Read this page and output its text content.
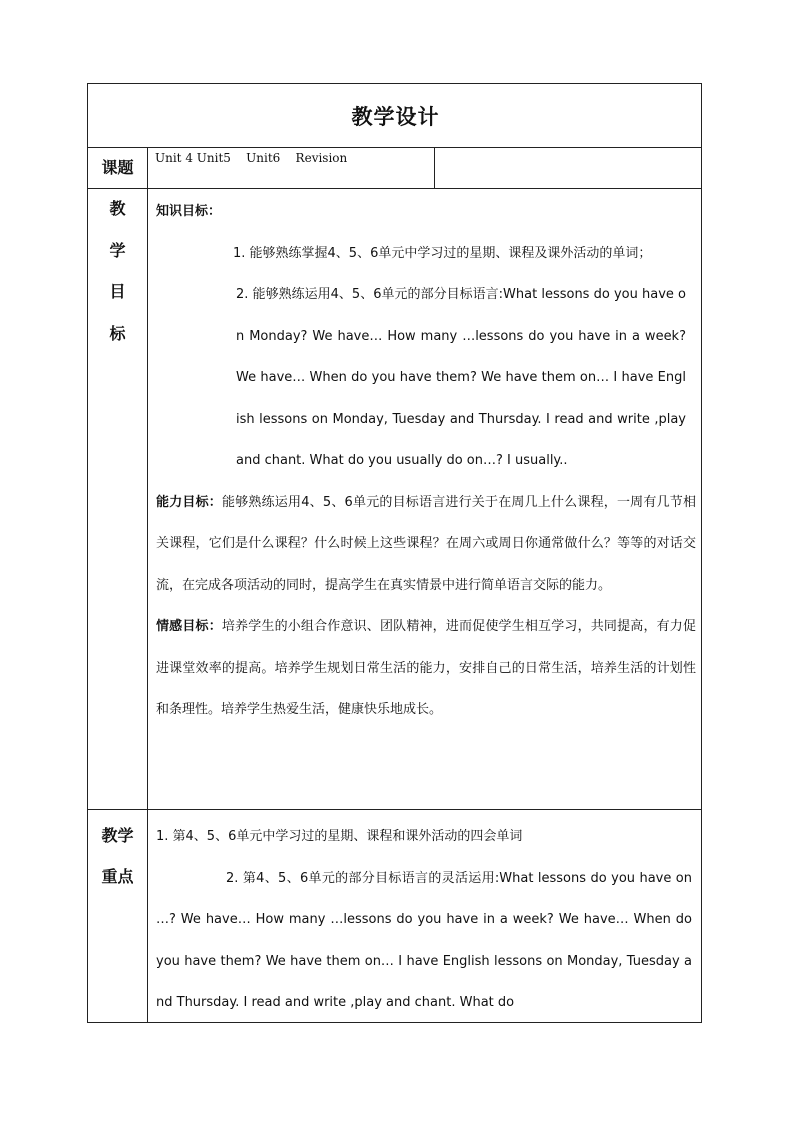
教学设计
课题	Unit 4 Unit5    Unit6    Revision
教
学
目
标

知识目标：

1. 能够熟练掌握4、5、6单元中学习过的星期、课程及课外活动的单词；

2. 能够熟练运用4、5、6单元的部分目标语言:What lessons do you have on Monday? We have… How many …lessons do you have in a week? We have… When do you have them? We have them on… I have English lessons on Monday, Tuesday and Thursday. I read and write ,play and chant. What do you usually do on…? I usually..

能力目标：能够熟练运用4、5、6单元的目标语言进行关于在周几上什么课程，一周有几节相关课程，它们是什么课程？什么时候上这些课程？在周六或周日你通常做什么？等等的对话交流，在完成各项活动的同时，提高学生在真实情景中进行简单语言交际的能力。

情感目标：培养学生的小组合作意识、团队精神，进而促使学生相互学习，共同提高，有力促进课堂效率的提高。培养学生规划日常生活的能力，安排自己的日常生活，培养生活的计划性和条理性。培养学生热爱生活，健康快乐地成长。

教学
重点

1. 第4、5、6单元中学习过的星期、课程和课外活动的四会单词

2. 第4、5、6单元的部分目标语言的灵活运用:What lessons do you have on …? We have… How many …lessons do you have in a week? We have… When do you have them? We have them on… I have English lessons on Monday, Tuesday and Thursday. I read and write ,play and chant. What do
